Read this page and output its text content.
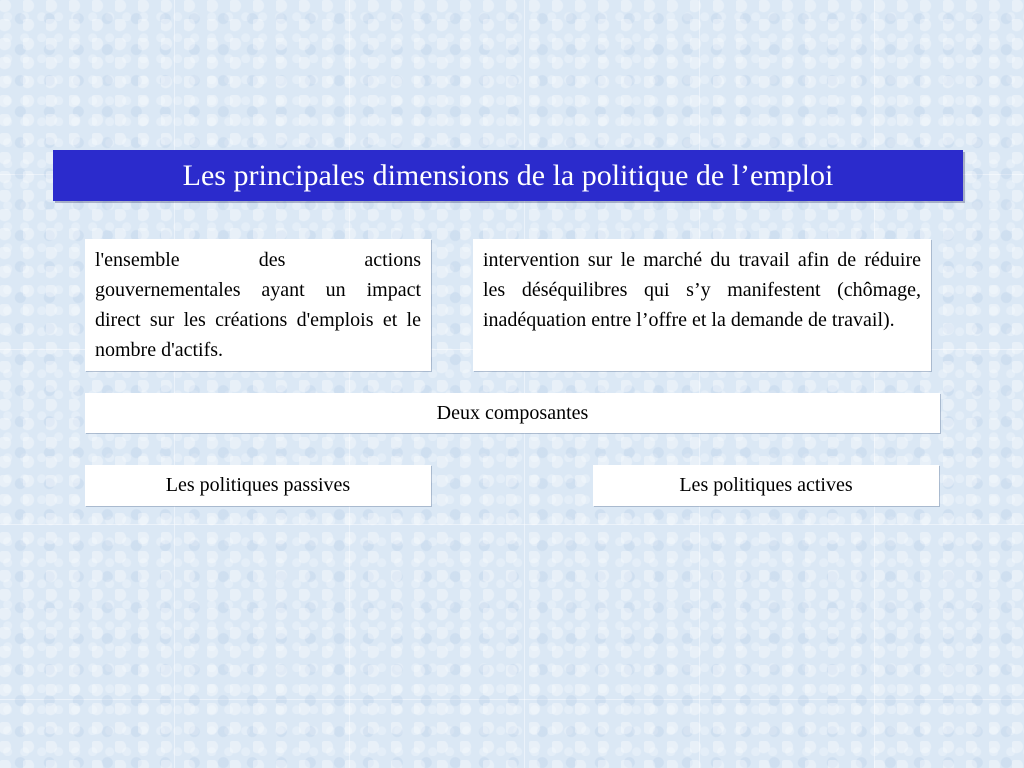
Les principales dimensions de la politique de l’emploi
l'ensemble des actions gouvernementales ayant un impact direct sur les créations d'emplois et le nombre d'actifs.
intervention sur le marché du travail afin de réduire les déséquilibres qui s’y manifestent (chômage, inadéquation entre l’offre et la demande de travail).
Deux composantes
Les politiques passives	Les politiques actives
